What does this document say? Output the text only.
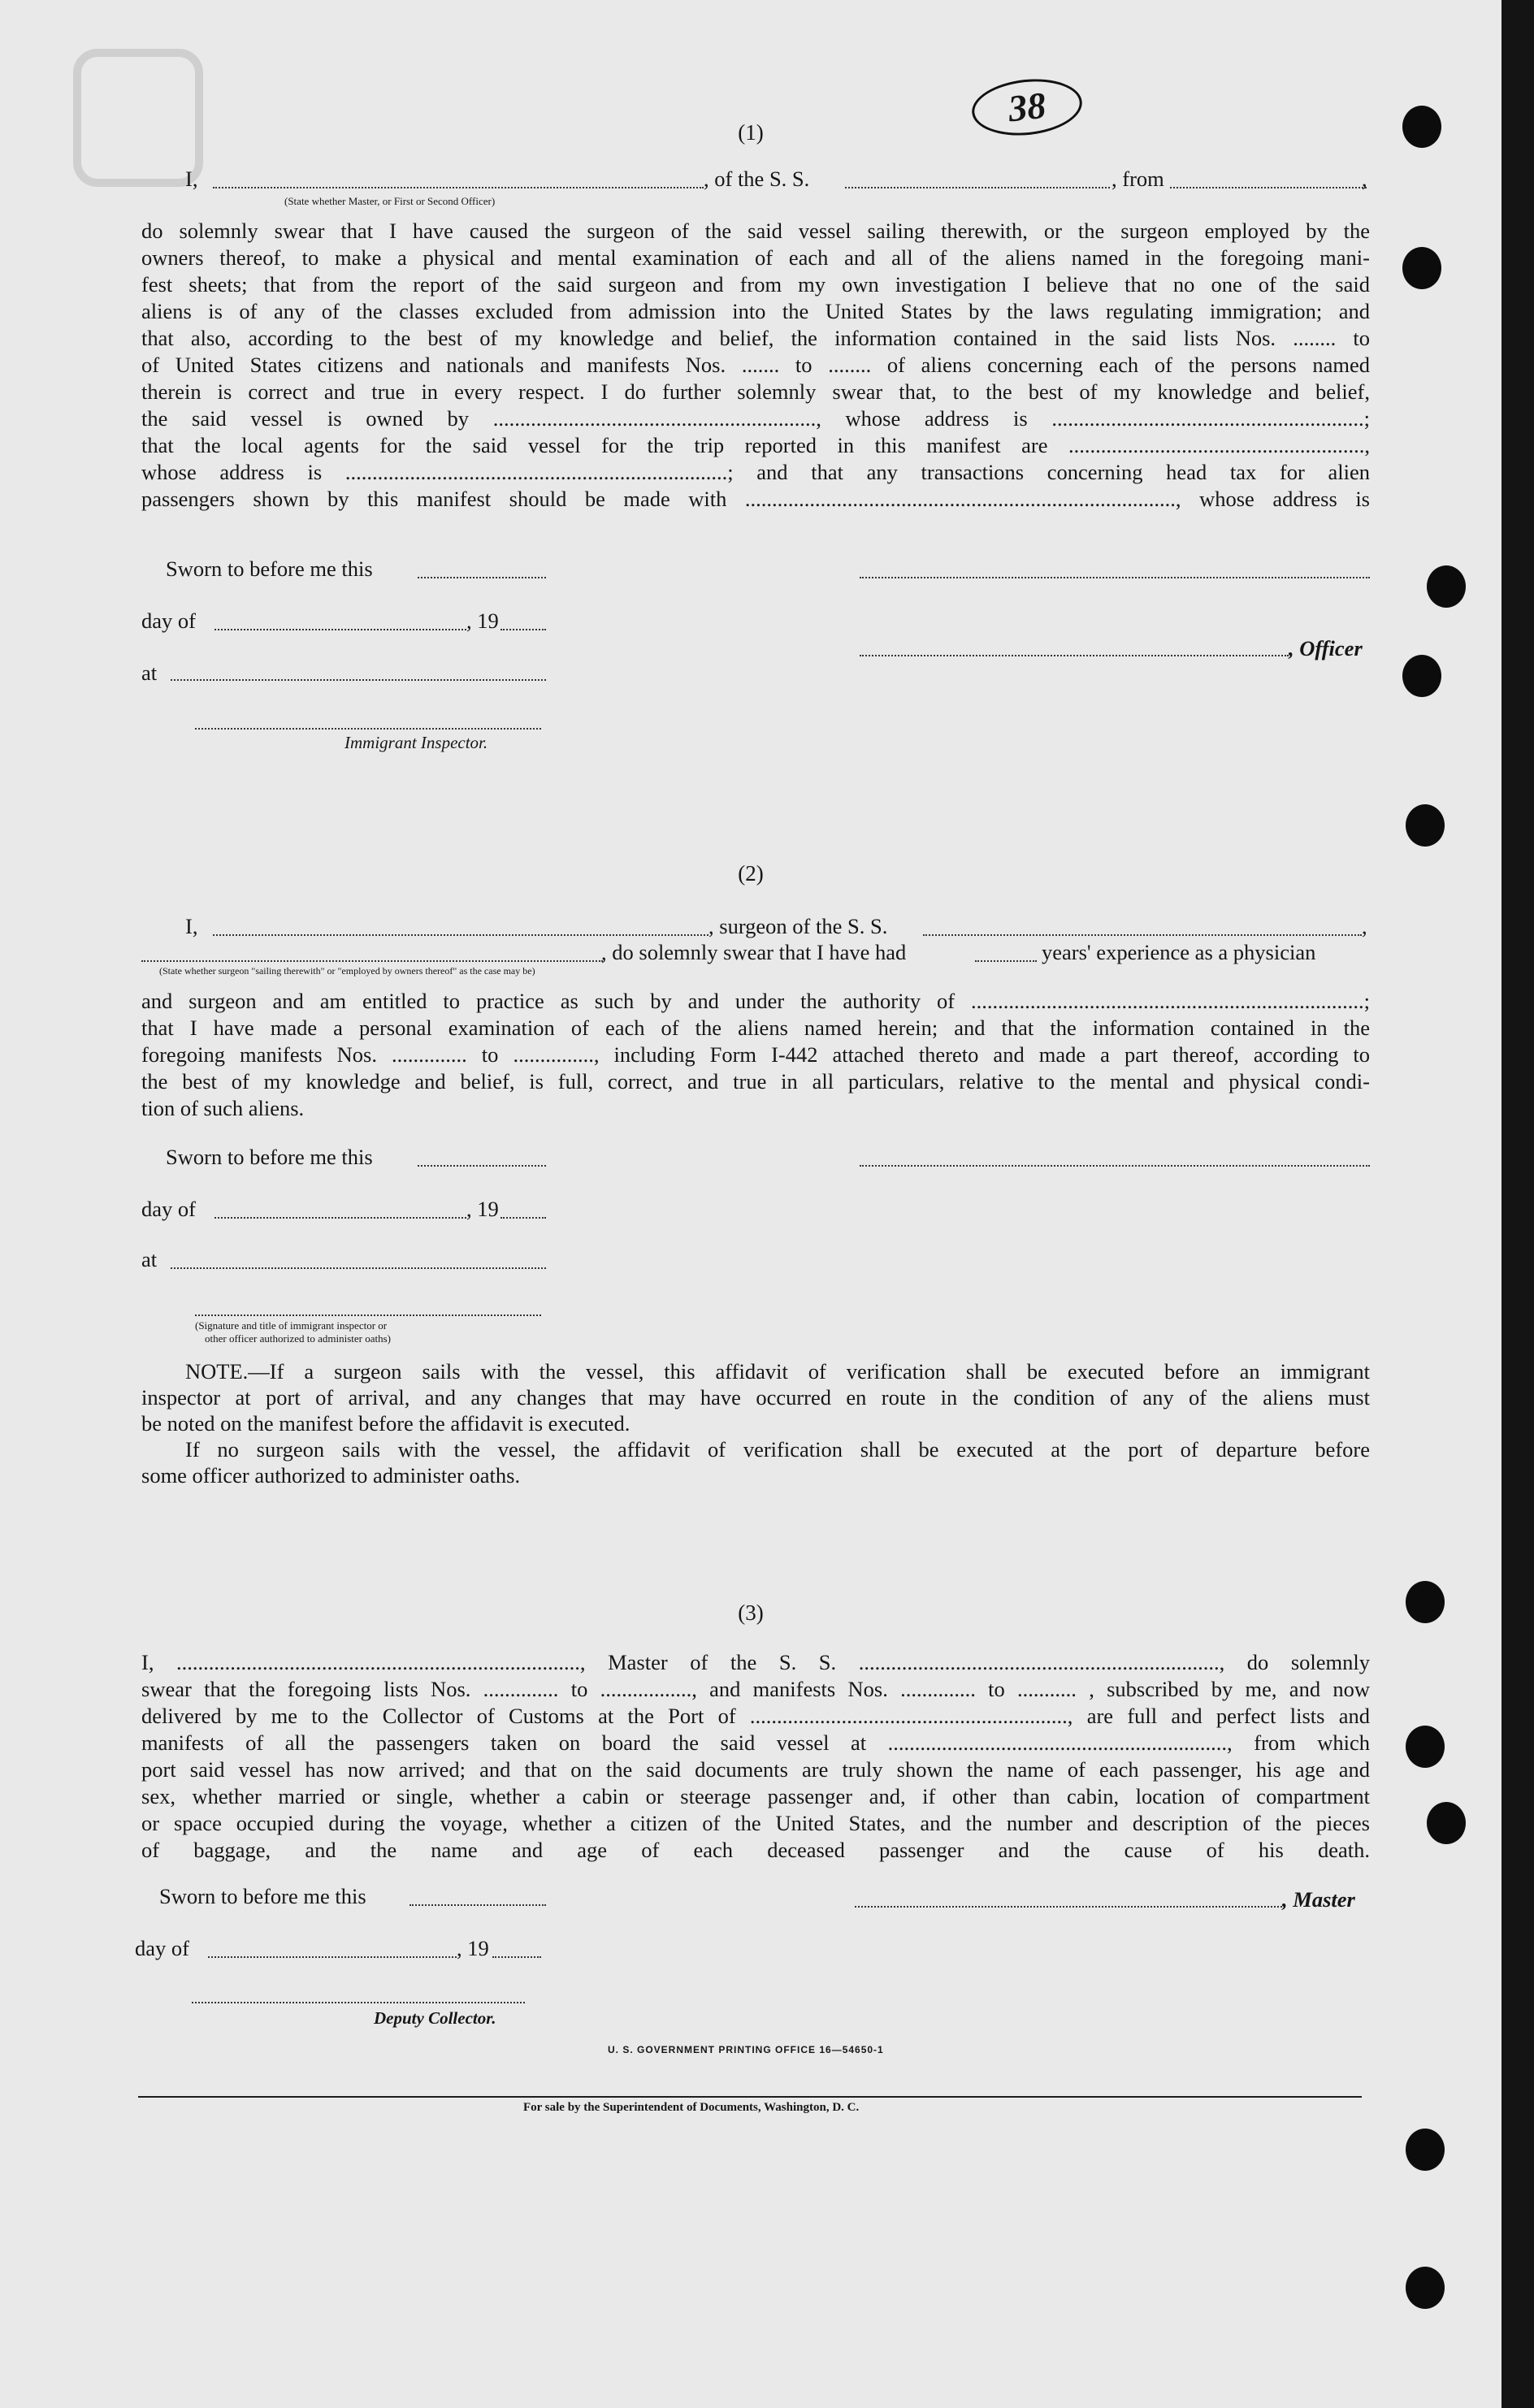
38
(1)
I,	, of the S. S.	, from	,
(State whether Master, or First or Second Officer)
do solemnly swear that I have caused the surgeon of the said vessel sailing therewith, or the surgeon employed by the
owners thereof, to make a physical and mental examination of each and all of the aliens named in the foregoing mani-
fest sheets; that from the report of the said surgeon and from my own investigation I believe that no one of the said
aliens is of any of the classes excluded from admission into the United States by the laws regulating immigration; and
that also, according to the best of my knowledge and belief, the information contained in the said lists Nos. ........ to
of United States citizens and nationals and manifests Nos. ....... to ........ of aliens concerning each of the persons named
therein is correct and true in every respect. I do further solemnly swear that, to the best of my knowledge and belief,
the said vessel is owned by ............................................................, whose address is ..........................................................;
that the local agents for the said vessel for the trip reported in this manifest are .......................................................,
whose address is .......................................................................; and that any transactions concerning head tax for alien
passengers shown by this manifest should be made with ................................................................................, whose address is
Sworn to before me this
day of	, 19
at
Immigrant Inspector.
, Officer
(2)
I,	, surgeon of the S. S.	,
, do solemnly swear that I have had	years' experience as a physician
(State whether surgeon "sailing therewith" or "employed by owners thereof" as the case may be)
and surgeon and am entitled to practice as such by and under the authority of .........................................................................;
that I have made a personal examination of each of the aliens named herein; and that the information contained in the
foregoing manifests Nos. .............. to ..............., including Form I-442 attached thereto and made a part thereof, according to
the best of my knowledge and belief, is full, correct, and true in all particulars, relative to the mental and physical condi-
tion of such aliens.
Sworn to before me this
day of	, 19
at
(Signature and title of immigrant inspector or
other officer authorized to administer oaths)
NOTE.—If a surgeon sails with the vessel, this affidavit of verification shall be executed before an immigrant
inspector at port of arrival, and any changes that may have occurred en route in the condition of any of the aliens must
be noted on the manifest before the affidavit is executed.
If no surgeon sails with the vessel, the affidavit of verification shall be executed at the port of departure before
some officer authorized to administer oaths.
(3)
I, ..........................................................................., Master of the S. S. ..................................................................., do solemnly
swear that the foregoing lists Nos. .............. to ................., and manifests Nos. .............. to ........... , subscribed by me, and now
delivered by me to the Collector of Customs at the Port of ..........................................................., are full and perfect lists and
manifests of all the passengers taken on board the said vessel at ..............................................................., from which
port said vessel has now arrived; and that on the said documents are truly shown the name of each passenger, his age and
sex, whether married or single, whether a cabin or steerage passenger and, if other than cabin, location of compartment
or space occupied during the voyage, whether a citizen of the United States, and the number and description of the pieces
of baggage, and the name and age of each deceased passenger and the cause of his death.
Sworn to before me this	, Master
day of	, 19
Deputy Collector.
U. S. GOVERNMENT PRINTING OFFICE 16—54650-1
For sale by the Superintendent of Documents, Washington, D. C.
